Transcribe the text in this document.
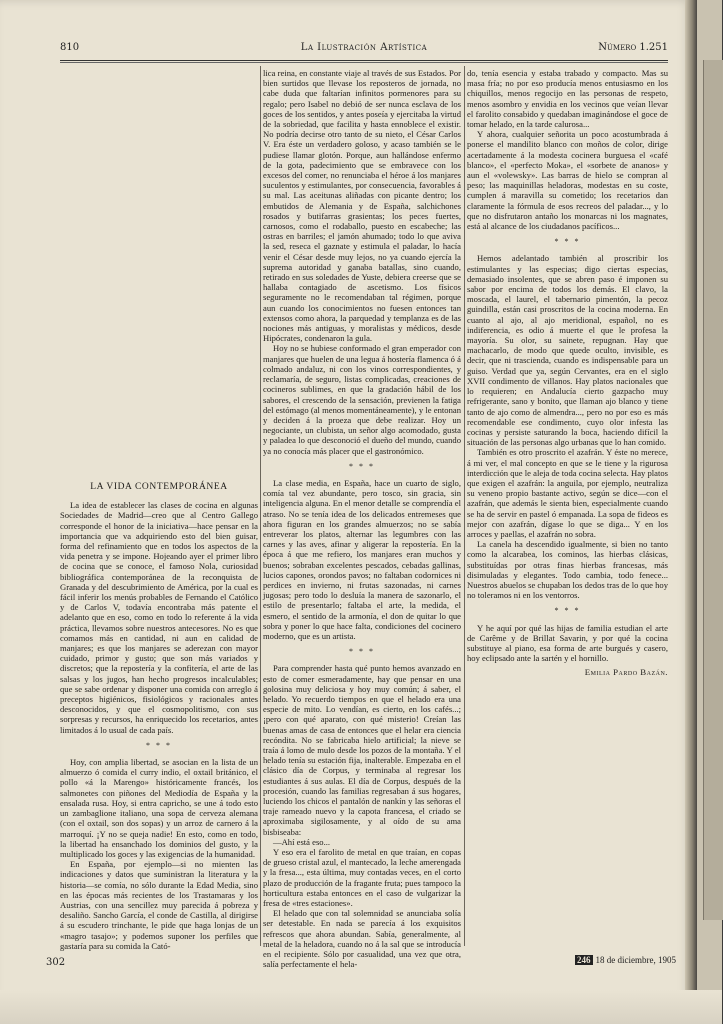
810	La Ilustración Artística	Número 1.251
LA VIDA CONTEMPORÁNEA

La idea de establecer las clases de cocina en algunas Sociedades de Madrid—creo que al Centro Gallego corresponde el honor de la iniciativa—hace pensar en la importancia que va adquiriendo esto del bien guisar, forma del refinamiento que en todos los aspectos de la vida penetra y se impone. Hojeando ayer el primer libro de cocina que se conoce, el famoso Nola, curiosidad bibliográfica contemporánea de la reconquista de Granada y del descubrimiento de América, por la cual es fácil inferir los menús probables de Fernando el Católico y de Carlos V, todavía encontraba más patente el adelanto que en eso, como en todo lo referente á la vida práctica, llevamos sobre nuestros antecesores. No es que comamos más en cantidad, ni aun en calidad de manjares; es que los manjares se aderezan con mayor cuidado, primor y gusto; que son más variados y discretos; que la repostería y la confitería, el arte de las salsas y los jugos, han hecho progresos incalculables; que se sabe ordenar y disponer una comida con arreglo á preceptos higiénicos, fisiológicos y racionales antes desconocidos, y que el cosmopolitismo, con sus sorpresas y recursos, ha enriquecido los recetarios, antes limitados á lo usual de cada país.

* * *

Hoy, con amplia libertad, se asocian en la lista de un almuerzo ó comida el curry indio, el oxtail británico, el pollo «á la Marengo» históricamente francés, los salmonetes con piñones del Mediodía de España y la ensalada rusa. Hoy, si entra capricho, se une á todo esto un zambaglione italiano, una sopa de cerveza alemana (con el oxtail, son dos sopas) y un arroz de carnero á la marroquí. ¡Y no se queja nadie! En esto, como en todo, la libertad ha ensanchado los dominios del gusto, y la multiplicado los goces y las exigencias de la humanidad.

En España, por ejemplo—si no mienten las indicaciones y datos que suministran la literatura y la historia—se comía, no sólo durante la Edad Media, sino en las épocas más recientes de los Trastamaras y los Austrias, con una sencillez muy parecida á pobreza y desaliño. Sancho García, el conde de Castilla, al dirigirse á su escudero trinchante, le pide que haga lonjas de un «magro tasajo»; y podemos suponer los perfiles que gastaría para su comida la Cató-

lica reina, en constante viaje al través de sus Estados. Por bien surtidos que llevase los reposteros de jornada, no cabe duda que faltarían infinitos pormenores para su regalo; pero Isabel no debió de ser nunca esclava de los goces de los sentidos, y antes poseía y ejercitaba la virtud de la sobriedad, que facilita y hasta ennoblece el existir. No podría decirse otro tanto de su nieto, el César Carlos V. Era éste un verdadero goloso, y acaso también se le pudiese llamar glotón. Porque, aun hallándose enfermo de la gota, padecimiento que se embravece con los excesos del comer, no renunciaba el héroe á los manjares suculentos y estimulantes, por consecuencia, favorables á su mal. Las aceitunas aliñadas con picante dentro; los embutidos de Alemania y de España, salchichones rosados y butifarras grasientas; los peces fuertes, carnosos, como el rodaballo, puesto en escabeche; las ostras en barriles; el jamón ahumado; todo lo que aviva la sed, reseca el gaznate y estimula el paladar, lo hacía venir el César desde muy lejos, no ya cuando ejercía la suprema autoridad y ganaba batallas, sino cuando, retirado en sus soledades de Yuste, debiera creerse que se hallaba contagiado de ascetismo. Los físicos seguramente no le recomendaban tal régimen, porque aun cuando los conocimientos no fuesen entonces tan extensos como ahora, la parquedad y templanza es de las nociones más antiguas, y moralistas y médicos, desde Hipócrates, condenaron la gula.

Hoy no se hubiese conformado el gran emperador con manjares que huelen de una legua á hostería flamenca ó á colmado andaluz, ni con los vinos correspondientes, y reclamaría, de seguro, listas complicadas, creaciones de cocineros sublimes, en que la gradación hábil de los sabores, el crescendo de la sensación, previenen la fatiga del estómago (al menos momentáneamente), y le entonan y deciden á la proeza que debe realizar. Hoy un negociante, un clubista, un señor algo acomodado, gusta y paladea lo que desconoció el dueño del mundo, cuando ya no conocía más placer que el gastronómico.

* * *

La clase media, en España, hace un cuarto de siglo, comía tal vez abundante, pero tosco, sin gracia, sin inteligencia alguna. En el menor detalle se comprendía el atraso. No se tenía idea de los delicados entremeses que ahora figuran en los grandes almuerzos; no se sabía entreverar los platos, alternar las legumbres con las carnes y las aves, afinar y aligerar la repostería. En la época á que me refiero, los manjares eran muchos y buenos; sobraban excelentes pescados, cebadas gallinas, lucios capones, orondos pavos; no faltaban codornices ni perdices en invierno, ni frutas sazonadas, ni carnes jugosas; pero todo lo desluía la manera de sazonarlo, el estilo de presentarlo; faltaba el arte, la medida, el esmero, el sentido de la armonía, el don de quitar lo que sobra y poner lo que hace falta, condiciones del cocinero moderno, que es un artista.

* * *

Para comprender hasta qué punto hemos avanzado en esto de comer esmeradamente, hay que pensar en una golosina muy deliciosa y hoy muy común; á saber, el helado. Yo recuerdo tiempos en que el helado era una especie de mito. Lo vendían, es cierto, en los cafés...; ¡pero con qué aparato, con qué misterio! Creían las buenas amas de casa de entonces que el helar era ciencia recóndita. No se fabricaba hielo artificial; la nieve se traía á lomo de mulo desde los pozos de la montaña. Y el helado tenía su estación fija, inalterable. Empezaba en el clásico día de Corpus, y terminaba al regresar los estudiantes á sus aulas. El día de Corpus, después de la procesión, cuando las familias regresaban á sus hogares, luciendo los chicos el pantalón de nankín y las señoras el traje rameado nuevo y la capota francesa, el criado se aproximaba sigilosamente, y al oído de su ama bisbiseaba:

—Ahí está eso...

Y eso era el farolito de metal en que traían, en copas de grueso cristal azul, el mantecado, la leche amerengada y la fresa..., esta última, muy contadas veces, en el corto plazo de producción de la fragante fruta; pues tampoco la horticultura estaba entonces en el caso de vulgarizar la fresa de «tres estaciones».

El helado que con tal solemnidad se anunciaba solía ser detestable. En nada se parecía á los exquisitos refrescos que ahora abundan. Sabía, generalmente, al metal de la heladora, cuando no á la sal que se introducía en el recipiente. Sólo por casualidad, una vez que otra, salía perfectamente el hela-

do, tenía esencia y estaba trabado y compacto. Mas su masa fría; no por eso producía menos entusiasmo en los chiquillos, menos regocijo en las personas de respeto, menos asombro y envidia en los vecinos que veían llevar el farolito consabido y quedaban imaginándose el goce de tomar helado, en la tarde calurosa...

Y ahora, cualquier señorita un poco acostumbrada á ponerse el mandilito blanco con moños de color, dirige acertadamente á la modesta cocinera burguesa el «café blanco», el «perfecto Moka», el «sorbete de ananos» y aun el «volewsky». Las barras de hielo se compran al peso; las maquinillas heladoras, modestas en su coste, cumplen á maravilla su cometido; los recetarios dan claramente la fórmula de esos recreos del paladar..., y lo que no disfrutaron antaño los monarcas ni los magnates, está al alcance de los ciudadanos pacíficos...

* * *

Hemos adelantado también al proscribir los estimulantes y las especias; digo ciertas especias, demasiado insolentes, que se abren paso é imponen su sabor por encima de todos los demás. El clavo, la moscada, el laurel, el tabernario pimentón, la pecoz guindilla, están casi proscritos de la cocina moderna. En cuanto al ajo, al ajo meridional, español, no es indiferencia, es odio á muerte el que le profesa la mayoría. Su olor, su sainete, repugnan. Hay que machacarlo, de modo que quede oculto, invisible, es decir, que ni trascienda, cuando es indispensable para un guiso. Verdad que ya, según Cervantes, era en el siglo XVII condimento de villanos. Hay platos nacionales que lo requieren; en Andalucía cierto gazpacho muy refrigerante, sano y bonito, que llaman ajo blanco y tiene tanto de ajo como de almendra..., pero no por eso es más recomendable ese condimento, cuyo olor infesta las cocinas y persiste saturando la boca, haciendo difícil la situación de las personas algo urbanas que lo han comido.

También es otro proscrito el azafrán. Y éste no merece, á mi ver, el mal concepto en que se le tiene y la rigurosa interdicción que le aleja de toda cocina selecta. Hay platos que exigen el azafrán: la anguila, por ejemplo, neutraliza su veneno propio bastante activo, según se dice—con el azafrán, que además le sienta bien, especialmente cuando se ha de servir en pastel ó empanada. La sopa de fideos es mejor con azafrán, dígase lo que se diga... Y en los arroces y paellas, el azafrán no sobra.

La canela ha descendido igualmente, si bien no tanto como la alcarabea, los cominos, las hierbas clásicas, substituídas por otras finas hierbas francesas, más disimuladas y elegantes. Todo cambia, todo fenece... Nuestros abuelos se chupaban los dedos tras de lo que hoy no toleramos ni en los ventorros.

* * *

Y he aquí por qué las hijas de familia estudian el arte de Carême y de Brillat Savarin, y por qué la cocina substituye al piano, esa forma de arte burgués y casero, hoy eclipsado ante la sartén y el hornillo.

Emilia Pardo Bazán.
302	246 18 de diciembre, 1905
